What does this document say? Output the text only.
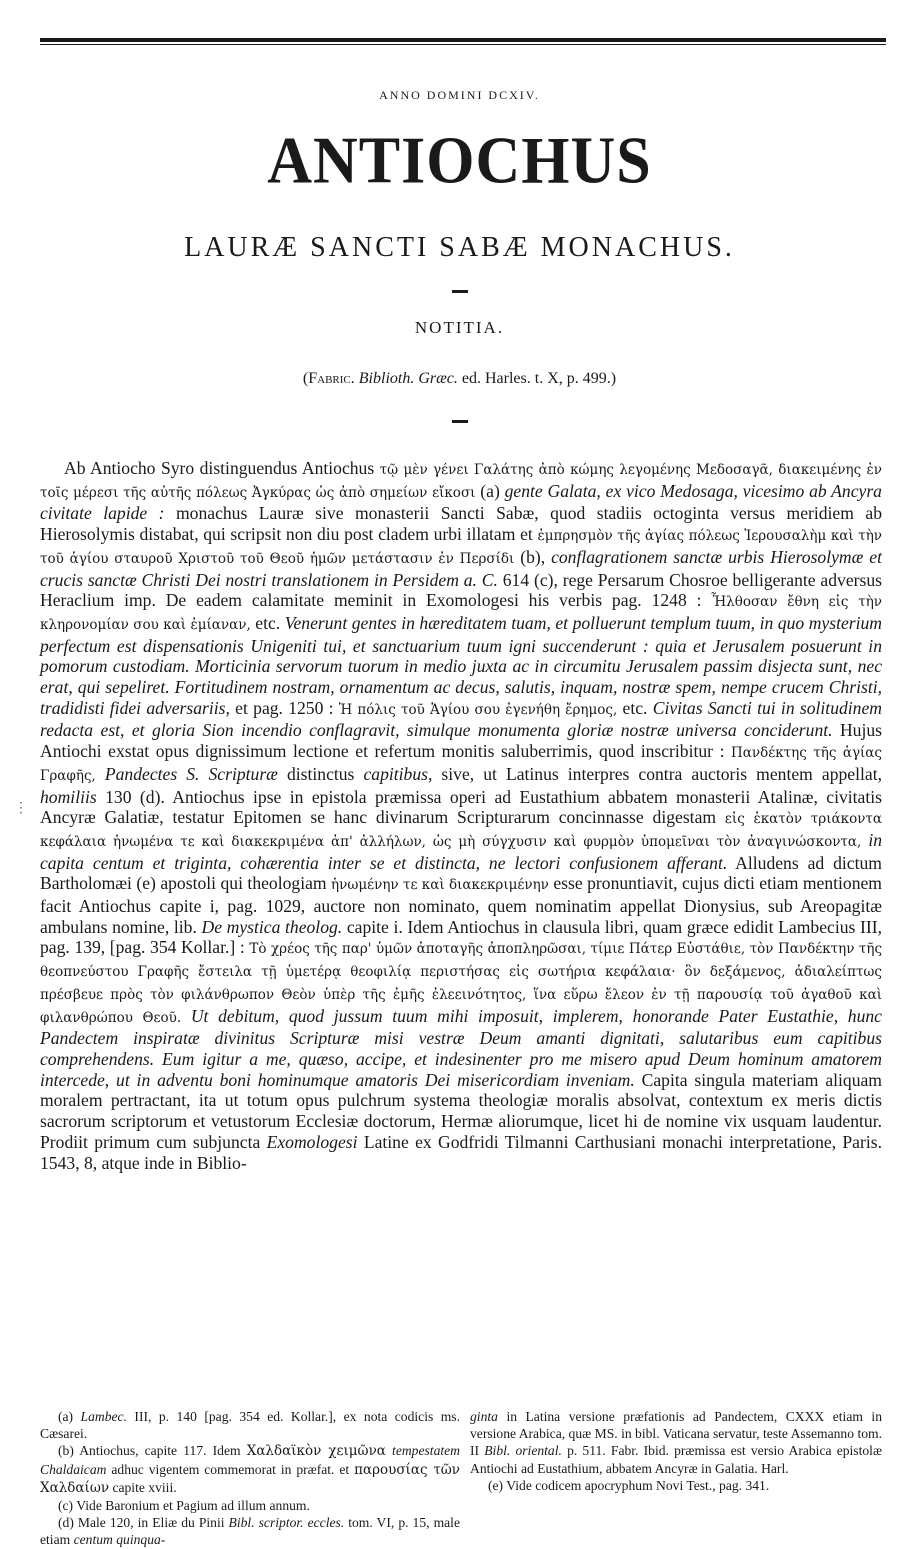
ANNO DOMINI DCXIV.
ANTIOCHUS
LAURÆ SANCTI SABÆ MONACHUS.
NOTITIA.
(Fabric. Biblioth. Græc. ed. Harles. t. X, p. 499.)
⋮

Ab Antiocho Syro distinguendus Antiochus τῷ μὲν γένει Γαλάτης ἀπὸ κώμης λεγομένης Μεδοσαγᾶ, διακειμένης ἐν τοῖς μέρεσι τῆς αὐτῆς πόλεως Ἀγκύρας ὡς ἀπὸ σημείων εἴκοσι (a) gente Galata, ex vico Medosaga, vicesimo ab Ancyra civitate lapide : monachus Lauræ sive monasterii Sancti Sabæ, quod stadiis octoginta versus meridiem ab Hierosolymis distabat, qui scripsit non diu post cladem urbi illatam et ἐμπρησμὸν τῆς ἁγίας πόλεως Ἱερουσαλὴμ καὶ τὴν τοῦ ἁγίου σταυροῦ Χριστοῦ τοῦ Θεοῦ ἡμῶν μετάστασιν ἐν Περσίδι (b), conflagrationem sanctæ urbis Hierosolymæ et crucis sanctæ Christi Dei nostri translationem in Persidem a. C. 614 (c), rege Persarum Chosroe belligerante adversus Heraclium imp. De eadem calamitate meminit in Exomologesi his verbis pag. 1248 : Ἦλθοσαν ἔθνη εἰς τὴν κληρονομίαν σου καὶ ἐμίαναν, etc. Venerunt gentes in hæreditatem tuam, et polluerunt templum tuum, in quo mysterium perfectum est dispensationis Unigeniti tui, et sanctuarium tuum igni succenderunt : quia et Jerusalem posuerunt in pomorum custodiam. Morticinia servorum tuorum in medio juxta ac in circumitu Jerusalem passim disjecta sunt, nec erat, qui sepeliret. Fortitudinem nostram, ornamentum ac decus, salutis, inquam, nostræ spem, nempe crucem Christi, tradidisti fidei adversariis, et pag. 1250 : Ἡ πόλις τοῦ Ἁγίου σου ἐγενήθη ἔρημος, etc. Civitas Sancti tui in solitudinem redacta est, et gloria Sion incendio conflagravit, simulque monumenta gloriæ nostræ universa conciderunt. Hujus Antiochi exstat opus dignissimum lectione et refertum monitis saluberrimis, quod inscribitur : Πανδέκτης τῆς ἁγίας Γραφῆς, Pandectes S. Scripturæ distinctus capitibus, sive, ut Latinus interpres contra auctoris mentem appellat, homiliis 130 (d). Antiochus ipse in epistola præmissa operi ad Eustathium abbatem monasterii Atalinæ, civitatis Ancyræ Galatiæ, testatur Epitomen se hanc divinarum Scripturarum concinnasse digestam εἰς ἑκατὸν τριάκοντα κεφάλαια ἡνωμένα τε καὶ διακεκριμένα ἀπ' ἀλλήλων, ὡς μὴ σύγχυσιν καὶ φυρμὸν ὑπομεῖναι τὸν ἀναγινώσκοντα, in capita centum et triginta, cohærentia inter se et distincta, ne lectori confusionem afferant. Alludens ad dictum Bartholomæi (e) apostoli qui theologiam ἡνωμένην τε καὶ διακεκριμένην esse pronuntiavit, cujus dicti etiam mentionem facit Antiochus capite i, pag. 1029, auctore non nominato, quem nominatim appellat Dionysius, sub Areopagitæ ambulans nomine, lib. De mystica theolog. capite i. Idem Antiochus in clausula libri, quam græce edidit Lambecius III, pag. 139, [pag. 354 Kollar.] : Τὸ χρέος τῆς παρ' ὑμῶν ἀποταγῆς ἀποπληρῶσαι, τίμιε Πάτερ Εὐστάθιε, τὸν Πανδέκτην τῆς θεοπνεύστου Γραφῆς ἔστειλα τῇ ὑμετέρᾳ θεοφιλίᾳ περιστήσας εἰς σωτήρια κεφάλαια· ὃν δεξάμενος, ἀδιαλείπτως πρέσβευε πρὸς τὸν φιλάνθρωπον Θεὸν ὑπὲρ τῆς ἐμῆς ἐλεεινότητος, ἵνα εὕρω ἔλεον ἐν τῇ παρουσίᾳ τοῦ ἀγαθοῦ καὶ φιλανθρώπου Θεοῦ. Ut debitum, quod jussum tuum mihi imposuit, implerem, honorande Pater Eustathie, hunc Pandectem inspiratæ divinitus Scripturæ misi vestræ Deum amanti dignitati, salutaribus eum capitibus comprehendens. Eum igitur a me, quæso, accipe, et indesinenter pro me misero apud Deum hominum amatorem intercede, ut in adventu boni hominumque amatoris Dei misericordiam inveniam. Capita singula materiam aliquam moralem pertractant, ita ut totum opus pulchrum systema theologiæ moralis absolvat, contextum ex meris dictis sacrorum scriptorum et vetustorum Ecclesiæ doctorum, Hermæ aliorumque, licet hi de nomine vix usquam laudentur. Prodiit primum cum subjuncta Exomologesi Latine ex Godfridi Tilmanni Carthusiani monachi interpretatione, Paris. 1543, 8, atque inde in Biblio-

(a) Lambec. III, p. 140 [pag. 354 ed. Kollar.], ex nota codicis ms. Cæsarei.

(b) Antiochus, capite 117. Idem Χαλδαϊκὸν χειμῶνα tempestatem Chaldaicam adhuc vigentem commemorat in præfat. et παρουσίας τῶν Χαλδαίων capite xviii.

(c) Vide Baronium et Pagium ad illum annum.

(d) Male 120, in Eliæ du Pinii Bibl. scriptor. eccles. tom. VI, p. 15, male etiam centum quinqua-

ginta in Latina versione præfationis ad Pandectem, CXXX etiam in versione Arabica, quæ MS. in bibl. Vaticana servatur, teste Assemanno tom. II Bibl. oriental. p. 511. Fabr. Ibid. præmissa est versio Arabica epistolæ Antiochi ad Eustathium, abbatem Ancyræ in Galatia. Harl.

(e) Vide codicem apocryphum Novi Test., pag. 341.
